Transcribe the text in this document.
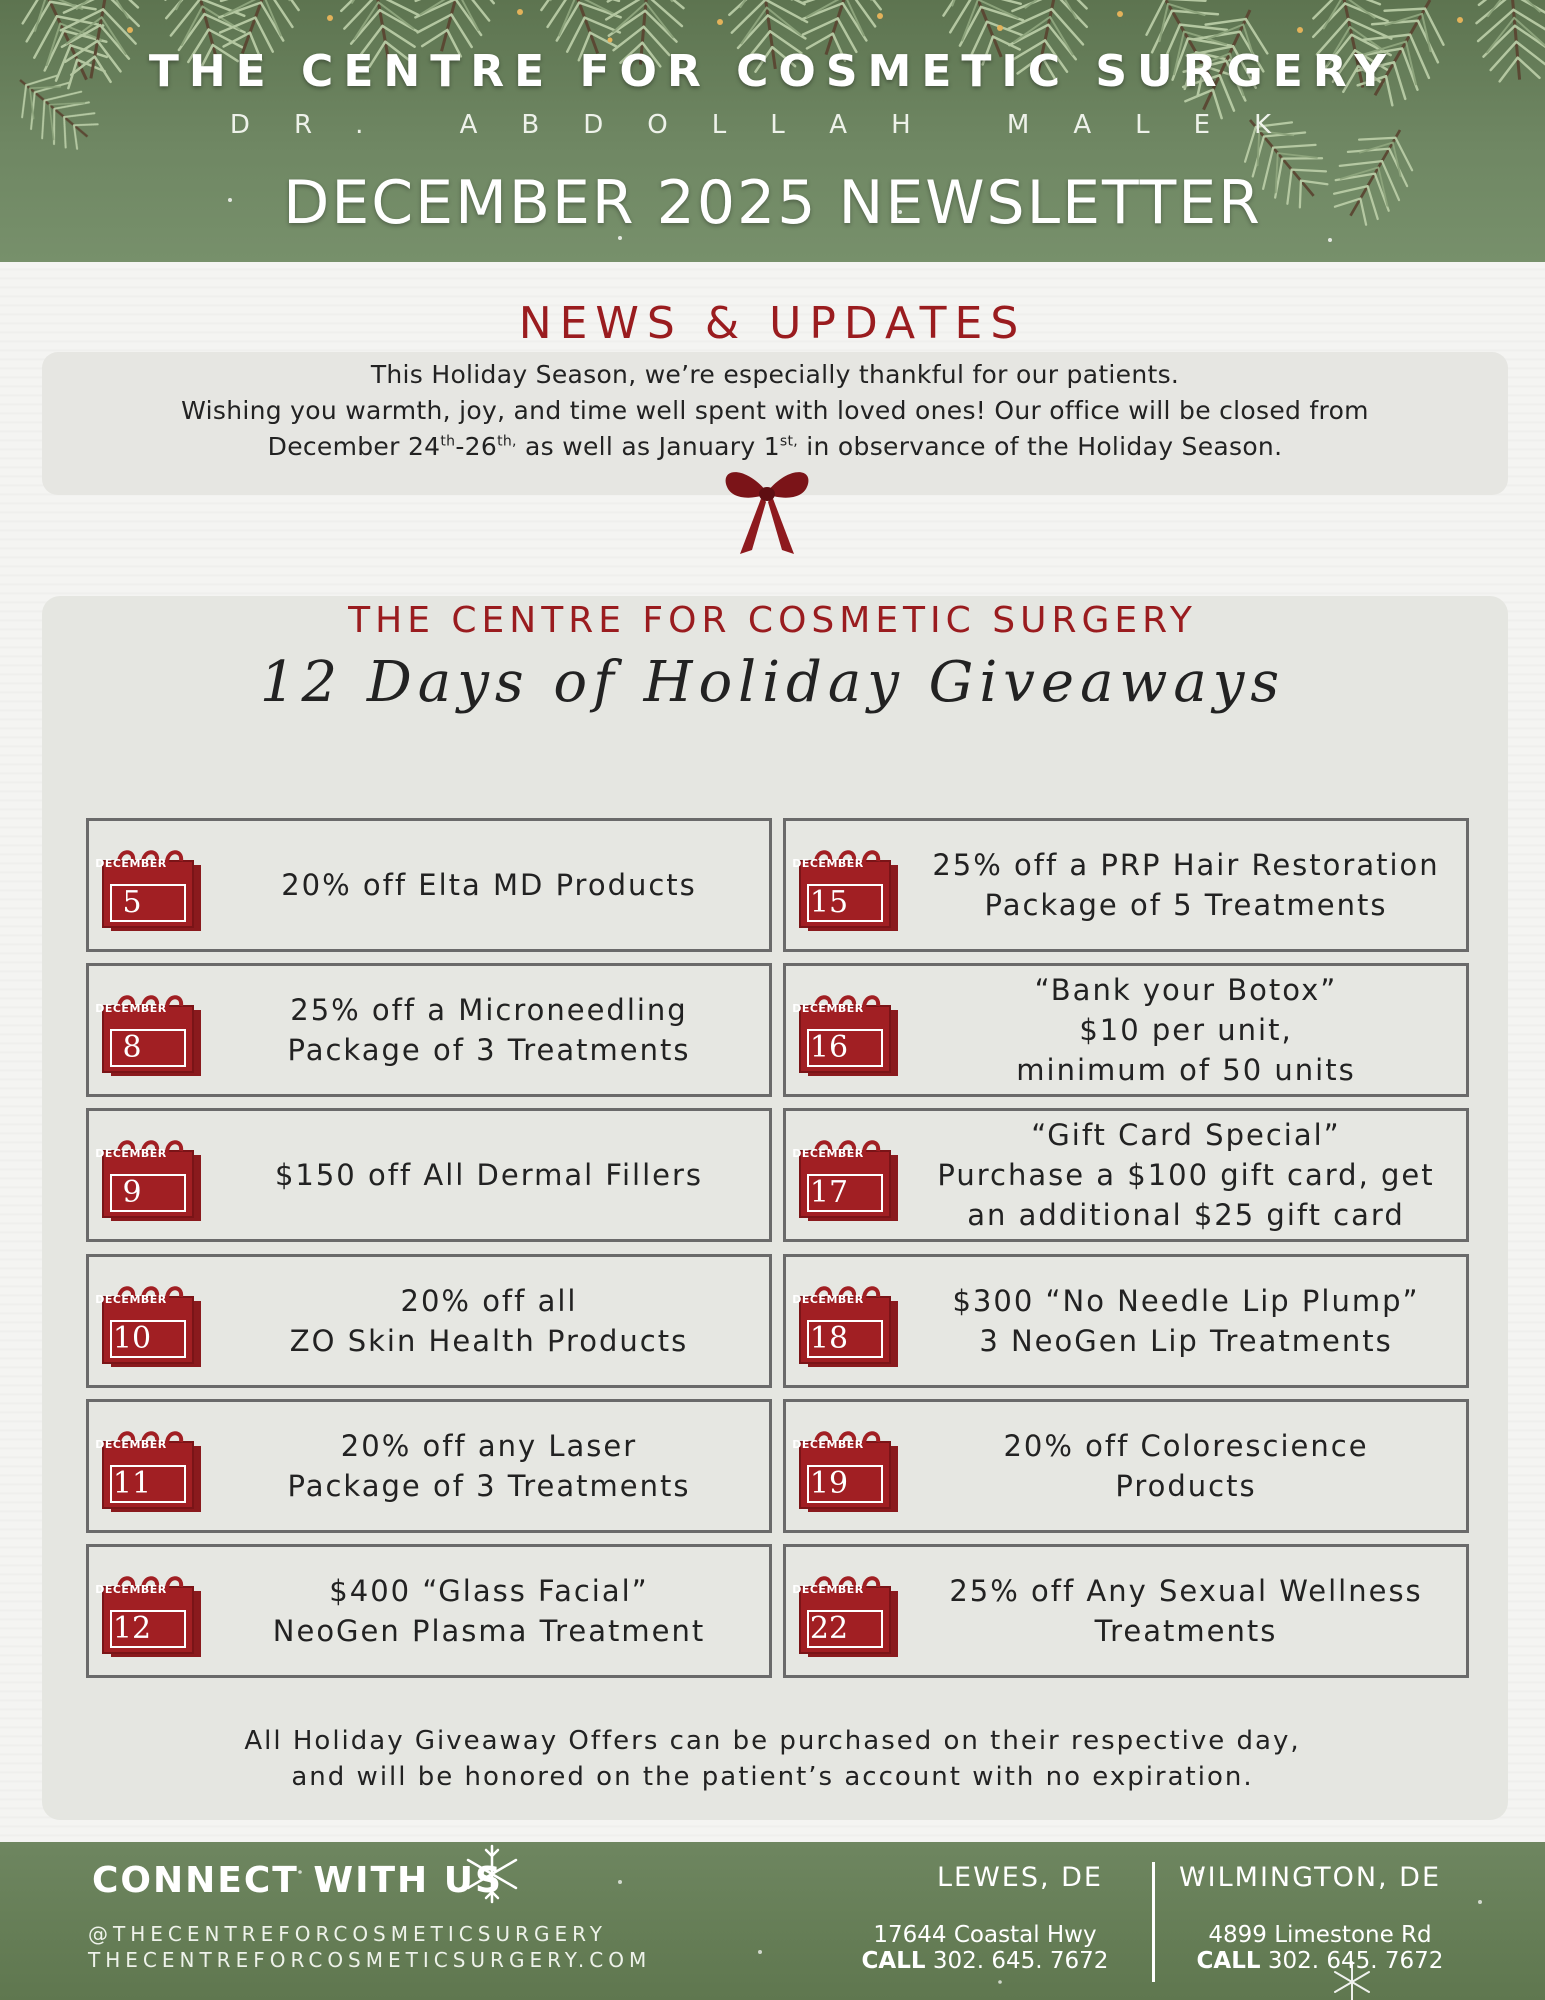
THE CENTRE FOR COSMETIC SURGERY
DR. ABDOLLAH MALEK
DECEMBER 2025 NEWSLETTER
NEWS & UPDATES
This Holiday Season, we’re especially thankful for our patients.
Wishing you warmth, joy, and time well spent with loved ones! Our office will be closed from
December $24th-26^{th,}$ as well as January $1^{st,}$ in observance of the Holiday Season.
THE CENTRE FOR COSMETIC SURGERY
12 Days of Holiday Giveaways
DECEMBER
5	20% off Elta MD Products
DECEMBER
8
25% off a Microneedling
Package of 3 Treatments
DECEMBER
9	$150 off All Dermal Fillers
DECEMBER
10
20% off all
ZO Skin Health Products
DECEMBER
11
20% off any Laser
Package of 3 Treatments
DECEMBER
12
$400 “Glass Facial”
NeoGen Plasma Treatment
DECEMBER
15
25% off a PRP Hair Restoration
Package of 5 Treatments
DECEMBER
16
“Bank your Botox”
$10 per unit,
minimum of 50 units
DECEMBER
17
“Gift Card Special”
Purchase a $100 gift card, get
an additional $25 gift card
DECEMBER
18
$300 “No Needle Lip Plump”
3 NeoGen Lip Treatments
DECEMBER
19
20% off Colorescience
Products
DECEMBER
22
25% off Any Sexual Wellness
Treatments
All Holiday Giveaway Offers can be purchased on their respective day,
and will be honored on the patient’s account with no expiration.
CONNECT WITH US
@THECENTREFORCOSMETICSURGERY
THECENTREFORCOSMETICSURGERY.COM
LEWES, DE
17644 Coastal Hwy
CALL 302. 645. 7672
WILMINGTON, DE
4899 Limestone Rd
CALL 302. 645. 7672
